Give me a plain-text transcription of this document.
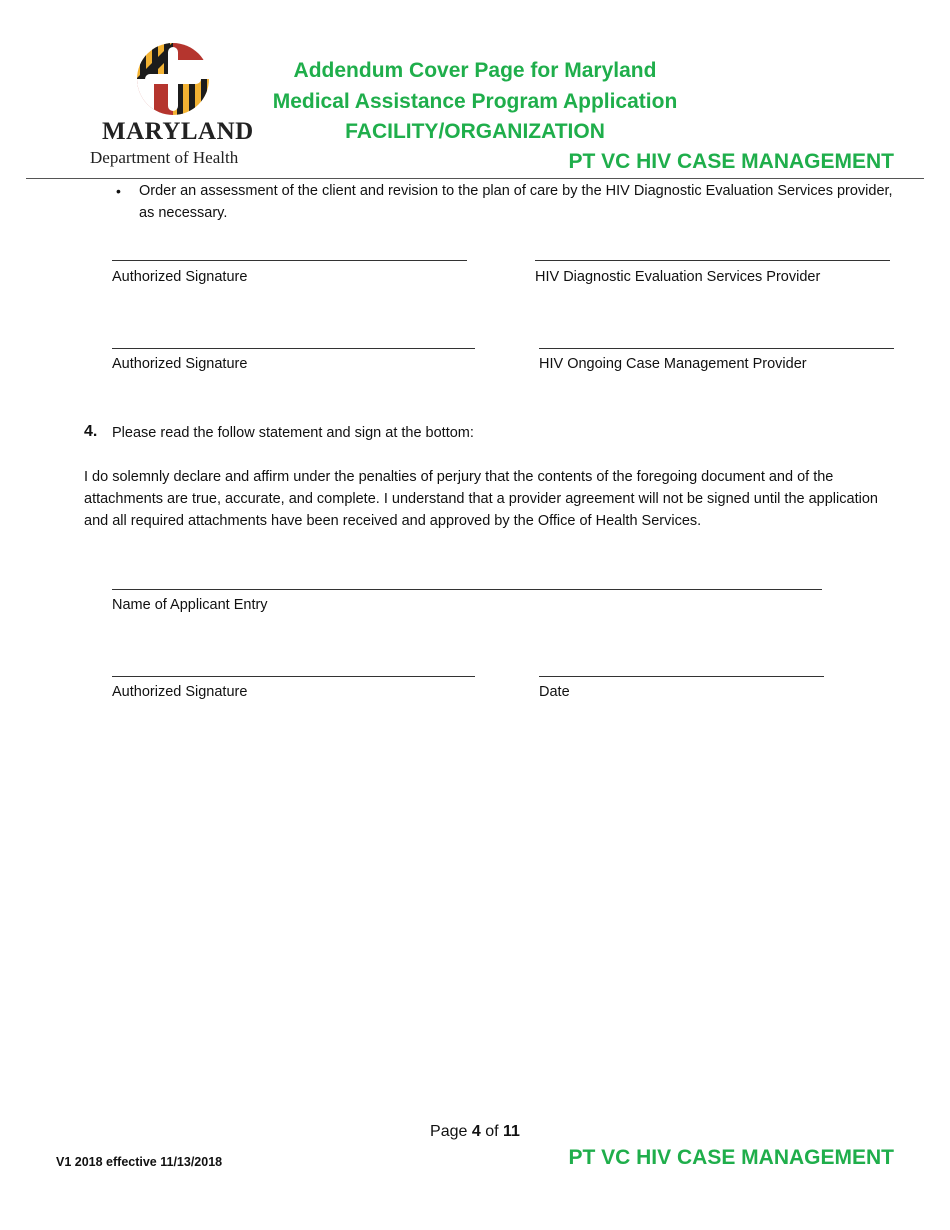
MARYLAND
Department of Health
Addendum Cover Page for Maryland
Medical Assistance Program Application
FACILITY/ORGANIZATION
PT VC HIV CASE MANAGEMENT
• Order an assessment of the client and revision to the plan of care by the HIV Diagnostic Evaluation Services provider, as necessary.
Authorized Signature	HIV Diagnostic Evaluation Services Provider
Authorized Signature	HIV Ongoing Case Management Provider
4. Please read the follow statement and sign at the bottom:
I do solemnly declare and affirm under the penalties of perjury that the contents of the foregoing document and of the attachments are true, accurate, and complete. I understand that a provider agreement will not be signed until the application and all required attachments have been received and approved by the Office of Health Services.
Name of Applicant Entry
Authorized Signature	Date
Page 4 of 11
V1 2018 effective 11/13/2018	PT VC HIV CASE MANAGEMENT
